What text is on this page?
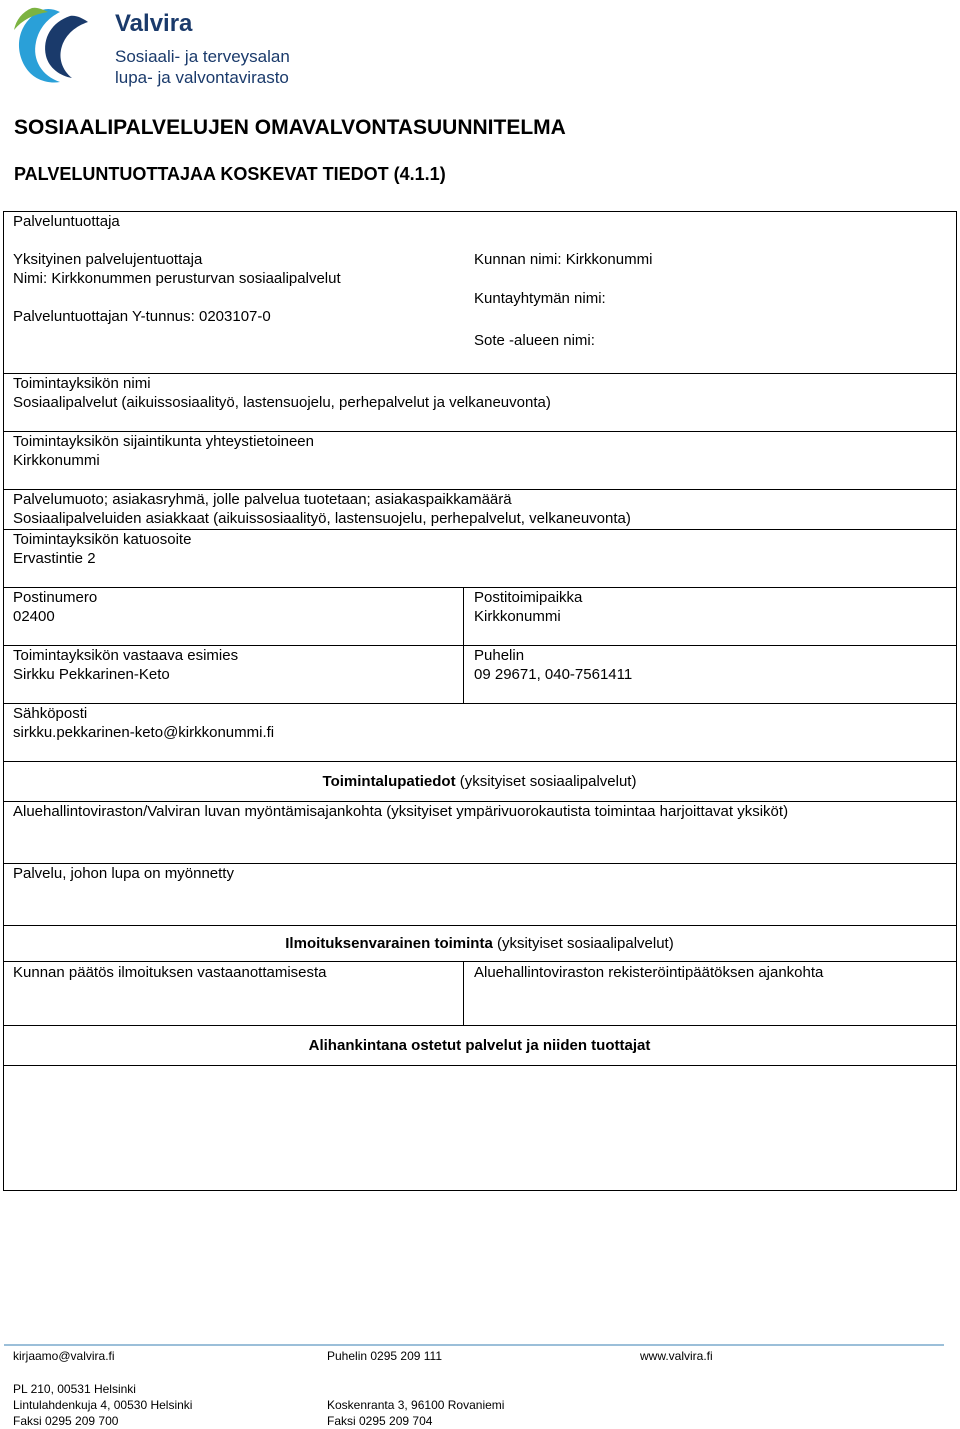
Valvira
Sosiaali- ja terveysalan
lupa- ja valvontavirasto
SOSIAALIPALVELUJEN OMAVALVONTASUUNNITELMA
PALVELUNTUOTTAJAA KOSKEVAT TIEDOT (4.1.1)
Palveluntuottaja
Yksityinen palvelujentuottaja
Nimi: Kirkkonummen perusturvan sosiaalipalvelut
Palveluntuottajan Y-tunnus: 0203107-0
Kunnan nimi: Kirkkonummi
Kuntayhtymän nimi:
Sote -alueen nimi:
Toimintayksikön nimi
Sosiaalipalvelut (aikuissosiaalityö, lastensuojelu, perhepalvelut ja velkaneuvonta)
Toimintayksikön sijaintikunta yhteystietoineen
Kirkkonummi
Palvelumuoto; asiakasryhmä, jolle palvelua tuotetaan; asiakaspaikkamäärä
Sosiaalipalveluiden asiakkaat (aikuissosiaalityö, lastensuojelu, perhepalvelut, velkaneuvonta)
Toimintayksikön katuosoite
Ervastintie 2
Postinumero
02400
Postitoimipaikka
Kirkkonummi
Toimintayksikön vastaava esimies
Sirkku Pekkarinen-Keto
Puhelin
09 29671, 040-7561411
Sähköposti
sirkku.pekkarinen-keto@kirkkonummi.fi
Toimintalupatiedot (yksityiset sosiaalipalvelut)
Aluehallintoviraston/Valviran luvan myöntämisajankohta (yksityiset ympärivuorokautista toimintaa harjoittavat yksiköt)
Palvelu, johon lupa on myönnetty
Ilmoituksenvarainen toiminta (yksityiset sosiaalipalvelut)
Kunnan päätös ilmoituksen vastaanottamisesta	Aluehallintoviraston rekisteröintipäätöksen ajankohta
Alihankintana ostetut palvelut ja niiden tuottajat
kirjaamo@valvira.fi	Puhelin 0295 209 111	www.valvira.fi
PL 210, 00531 Helsinki
Lintulahdenkuja 4, 00530 Helsinki
Faksi 0295 209 700
Koskenranta 3, 96100 Rovaniemi
Faksi 0295 209 704
